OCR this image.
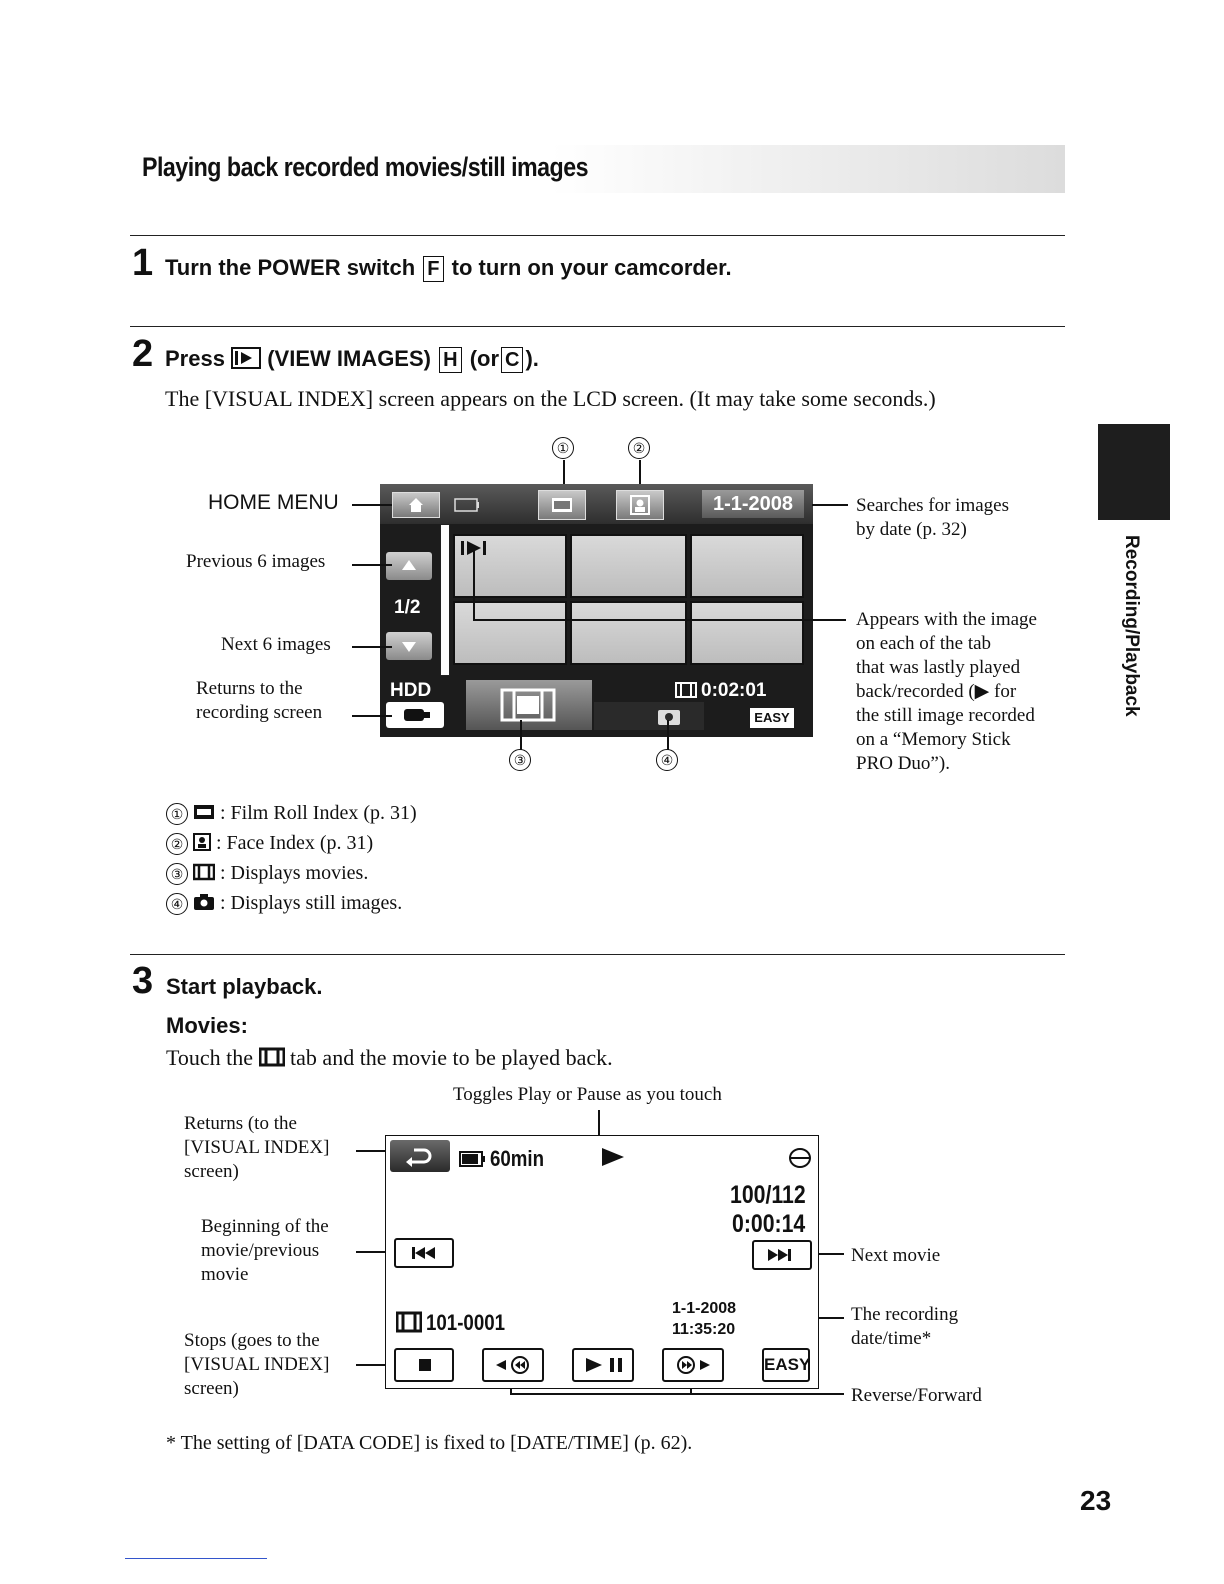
Playing back recorded movies/still images
Recording/Playback
1 Turn the POWER switch F to turn on your camcorder.
2 Press (VIEW IMAGES) H (or C ).
The [VISUAL INDEX] screen appears on the LCD screen. (It may take some seconds.)
①	②
1-1-2008
1/2
HDD	0:02:01
EASY
③	④
HOME MENU
Previous 6 images
Next 6 images
Returns to the
recording screen
Searches for images
by date (p. 32)
Appears with the image
on each of the tab
that was lastly played
back/recorded (▶ for
the still image recorded
on a “Memory Stick
PRO Duo”).
① : Film Roll Index (p. 31)
② : Face Index (p. 31)
③ : Displays movies.
④ : Displays still images.
3 Start playback.
Movies:
Touch the tab and the movie to be played back.
Toggles Play or Pause as you touch
Returns (to the
[VISUAL INDEX]
screen)
Beginning of the
movie/previous
movie
Stops (goes to the
[VISUAL INDEX]
screen)
Next movie
The recording
date/time*
Reverse/Forward
60min
100/112
0:00:14
101-0001
1-1-2008
11:35:20
EASY
* The setting of [DATA CODE] is fixed to [DATE/TIME] (p. 62).
23
